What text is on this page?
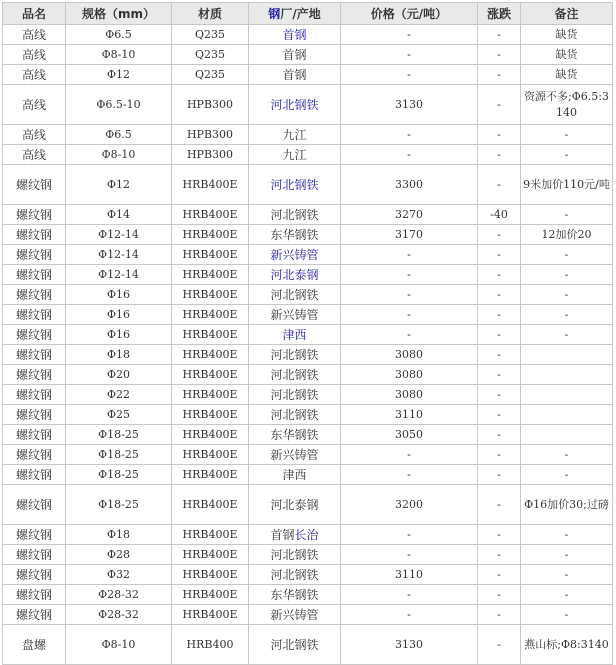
品名	规格（mm）	材质	钢厂/产地	价格（元/吨）	涨跌	备注
高线	Φ6.5	Q235	首钢	-	-	缺货
高线	Φ8-10	Q235	首钢	-	-	缺货
高线	Φ12	Q235	首钢	-	-	缺货
高线	Φ6.5-10	HPB300	河北钢铁	3130	-	资源不多;Φ6.5:3140
高线	Φ6.5	HPB300	九江	-	-	-
高线	Φ8-10	HPB300	九江	-	-	-
螺纹钢	Φ12	HRB400E	河北钢铁	3300	-	9米加价110元/吨
螺纹钢	Φ14	HRB400E	河北钢铁	3270	-40	-
螺纹钢	Φ12-14	HRB400E	东华钢铁	3170	-	12加价20
螺纹钢	Φ12-14	HRB400E	新兴铸管	-	-	-
螺纹钢	Φ12-14	HRB400E	河北泰钢	-	-	-
螺纹钢	Φ16	HRB400E	河北钢铁	-	-	-
螺纹钢	Φ16	HRB400E	新兴铸管	-	-	-
螺纹钢	Φ16	HRB400E	津西	-	-	-
螺纹钢	Φ18	HRB400E	河北钢铁	3080	-	
螺纹钢	Φ20	HRB400E	河北钢铁	3080	-	
螺纹钢	Φ22	HRB400E	河北钢铁	3080	-	
螺纹钢	Φ25	HRB400E	河北钢铁	3110	-	
螺纹钢	Φ18-25	HRB400E	东华钢铁	3050	-	
螺纹钢	Φ18-25	HRB400E	新兴铸管	-	-	-
螺纹钢	Φ18-25	HRB400E	津西	-	-	-
螺纹钢	Φ18-25	HRB400E	河北泰钢	3200	-	Φ16加价30;过磅
螺纹钢	Φ18	HRB400E	首钢长治	-	-	-
螺纹钢	Φ28	HRB400E	河北钢铁	-	-	-
螺纹钢	Φ32	HRB400E	河北钢铁	3110	-	-
螺纹钢	Φ28-32	HRB400E	东华钢铁	-	-	-
螺纹钢	Φ28-32	HRB400E	新兴铸管	-	-	-
盘螺	Φ8-10	HRB400	河北钢铁	3130	-	燕山标;Φ8:3140
